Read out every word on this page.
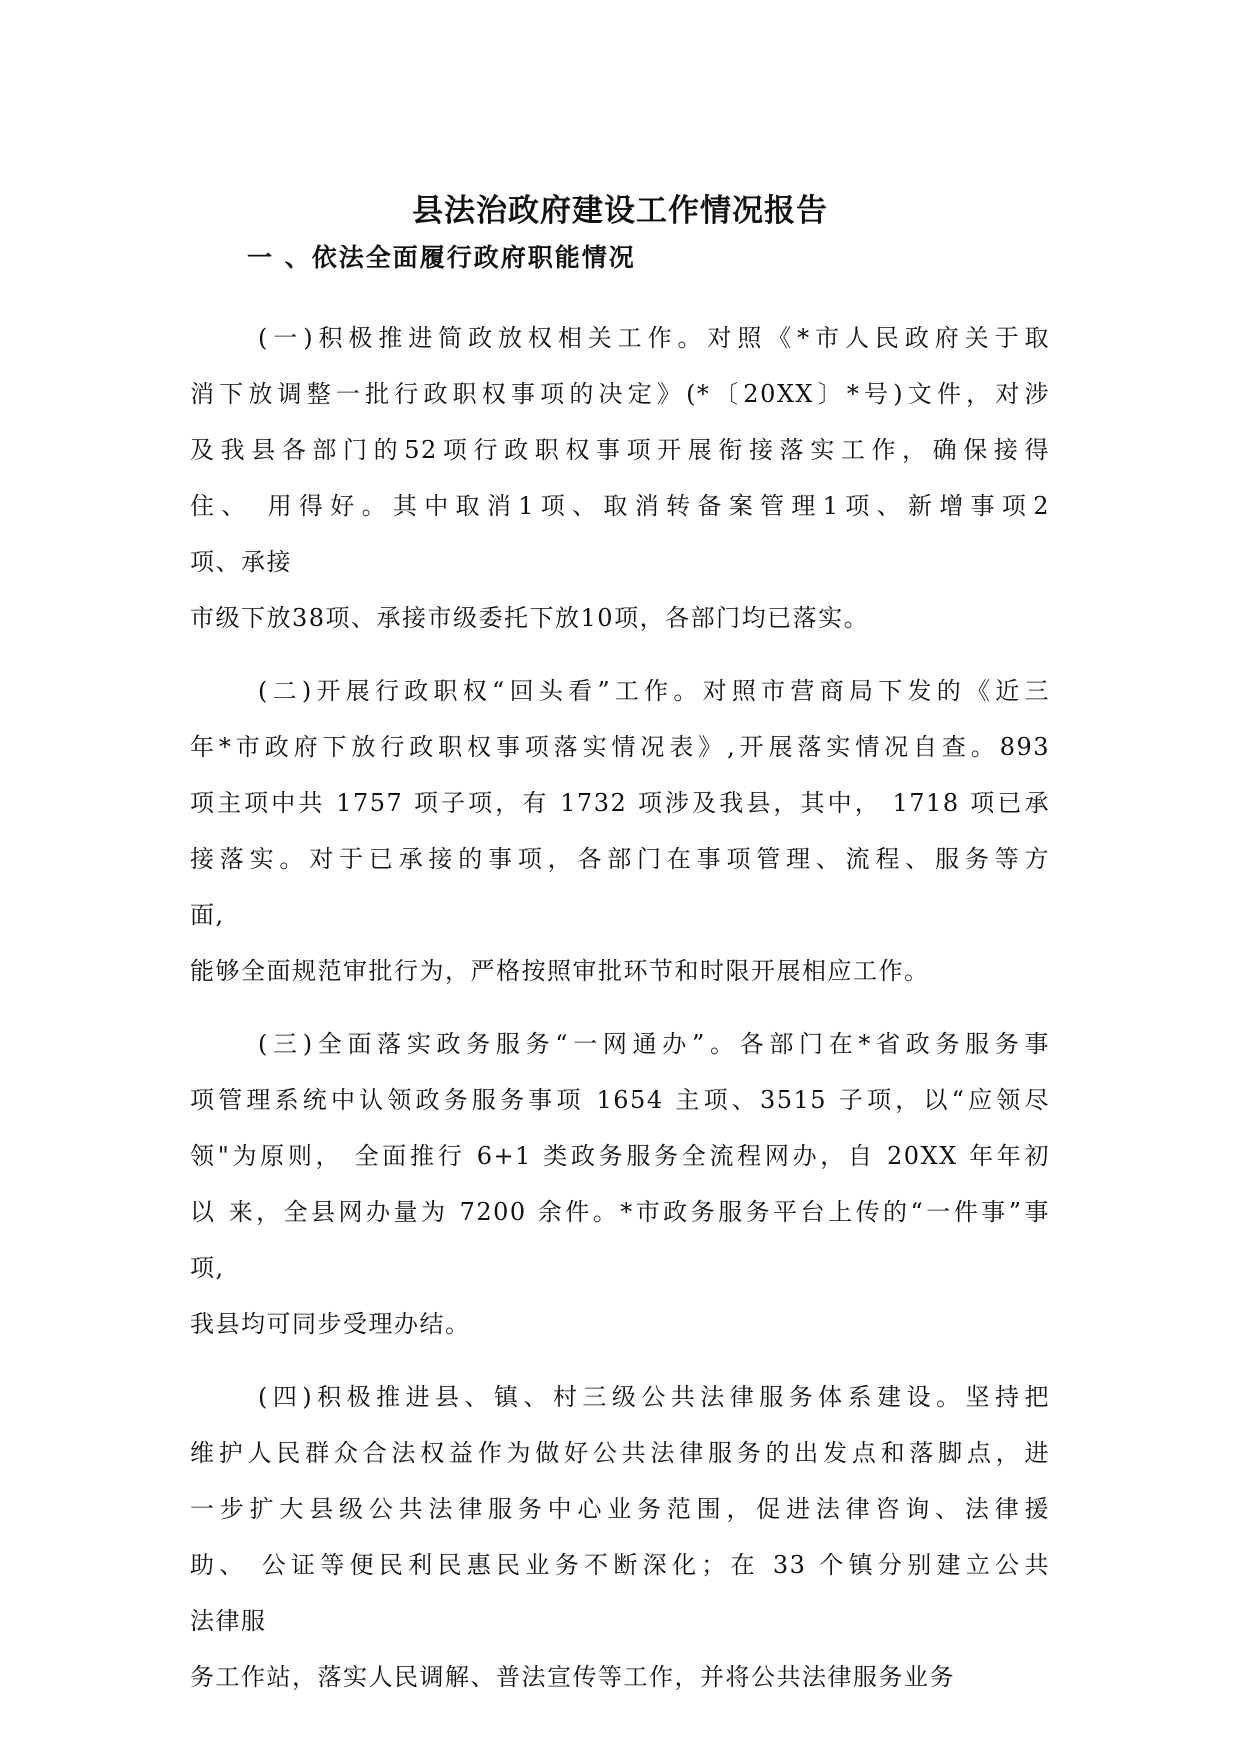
县法治政府建设工作情况报告
一 、依法全面履行政府职能情况
(一)积极推进简政放权相关工作。对照《*市人民政府关于取
消下放调整一批行政职权事项的决定》(*〔20XX〕*号)文件，对涉
及我县各部门的52项行政职权事项开展衔接落实工作，确保接得
住、 用得好。其中取消1项、取消转备案管理1项、新增事项2
项、承接
市级下放38项、承接市级委托下放10项，各部门均已落实。
(二)开展行政职权“回头看”工作。对照市营商局下发的《近三
年*市政府下放行政职权事项落实情况表》,开展落实情况自查。893
项主项中共 1757 项子项，有 1732 项涉及我县，其中， 1718 项已承
接落实。对于已承接的事项，各部门在事项管理、流程、服务等方
面,
能够全面规范审批行为，严格按照审批环节和时限开展相应工作。
(三)全面落实政务服务“一网通办”。各部门在*省政务服务事
项管理系统中认领政务服务事项 1654 主项、3515 子项，以“应领尽
领"为原则， 全面推行 6+1 类政务服务全流程网办，自 20XX 年年初
以 来，全县网办量为 7200 余件。*市政务服务平台上传的“一件事”事
项,
我县均可同步受理办结。
(四)积极推进县、镇、村三级公共法律服务体系建设。坚持把
维护人民群众合法权益作为做好公共法律服务的出发点和落脚点，进
一步扩大县级公共法律服务中心业务范围，促进法律咨询、法律援
助、 公证等便民利民惠民业务不断深化；在 33 个镇分别建立公共
法律服
务工作站，落实人民调解、普法宣传等工作，并将公共法律服务业务
